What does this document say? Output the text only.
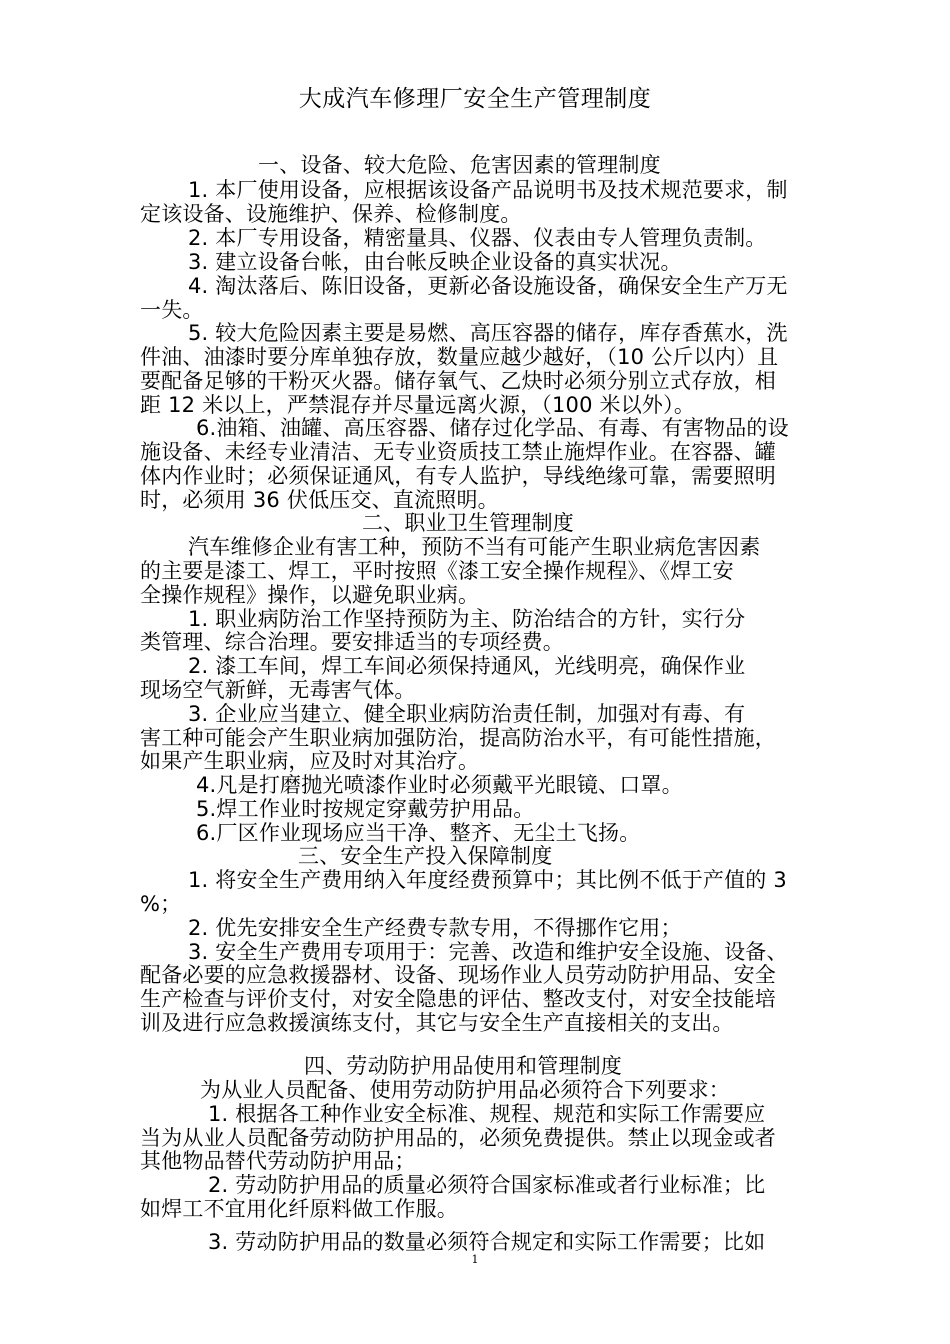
大成汽车修理厂安全生产管理制度
一、设备、较大危险、危害因素的管理制度
1. 本厂使用设备，应根据该设备产品说明书及技术规范要求，制
定该设备、设施维护、保养、检修制度。
2. 本厂专用设备，精密量具、仪器、仪表由专人管理负责制。
3. 建立设备台帐，由台帐反映企业设备的真实状况。
4. 淘汰落后、陈旧设备，更新必备设施设备，确保安全生产万无
一失。
5. 较大危险因素主要是易燃、高压容器的储存，库存香蕉水，洗
件油、油漆时要分库单独存放，数量应越少越好，（10 公斤以内）且
要配备足够的干粉灭火器。储存氧气、乙炔时必须分别立式存放，相
距 12 米以上，严禁混存并尽量远离火源，（100 米以外）。
6.油箱、油罐、高压容器、储存过化学品、有毒、有害物品的设
施设备、未经专业清洁、无专业资质技工禁止施焊作业。在容器、罐
体内作业时；必须保证通风，有专人监护，导线绝缘可靠，需要照明
时，必须用 36 伏低压交、直流照明。
二、职业卫生管理制度
汽车维修企业有害工种，预防不当有可能产生职业病危害因素
的主要是漆工、焊工，平时按照《漆工安全操作规程》、《焊工安
全操作规程》操作，以避免职业病。
1. 职业病防治工作坚持预防为主、防治结合的方针，实行分
类管理、综合治理。要安排适当的专项经费。
2. 漆工车间，焊工车间必须保持通风，光线明亮，确保作业
现场空气新鲜，无毒害气体。
3. 企业应当建立、健全职业病防治责任制，加强对有毒、有
害工种可能会产生职业病加强防治，提高防治水平，有可能性措施，
如果产生职业病，应及时对其治疗。
4.凡是打磨抛光喷漆作业时必须戴平光眼镜、口罩。
5.焊工作业时按规定穿戴劳护用品。
6.厂区作业现场应当干净、整齐、无尘土飞扬。
三、安全生产投入保障制度
1. 将安全生产费用纳入年度经费预算中；其比例不低于产值的 3
%；
2. 优先安排安全生产经费专款专用，不得挪作它用；
3. 安全生产费用专项用于：完善、改造和维护安全设施、设备、
配备必要的应急救援器材、设备、现场作业人员劳动防护用品、安全
生产检查与评价支付，对安全隐患的评估、整改支付，对安全技能培
训及进行应急救援演练支付，其它与安全生产直接相关的支出。
四、劳动防护用品使用和管理制度
为从业人员配备、使用劳动防护用品必须符合下列要求：
1. 根据各工种作业安全标准、规程、规范和实际工作需要应
当为从业人员配备劳动防护用品的，必须免费提供。禁止以现金或者
其他物品替代劳动防护用品；
2. 劳动防护用品的质量必须符合国家标准或者行业标准；比
如焊工不宜用化纤原料做工作服。
3. 劳动防护用品的数量必须符合规定和实际工作需要；比如
1
